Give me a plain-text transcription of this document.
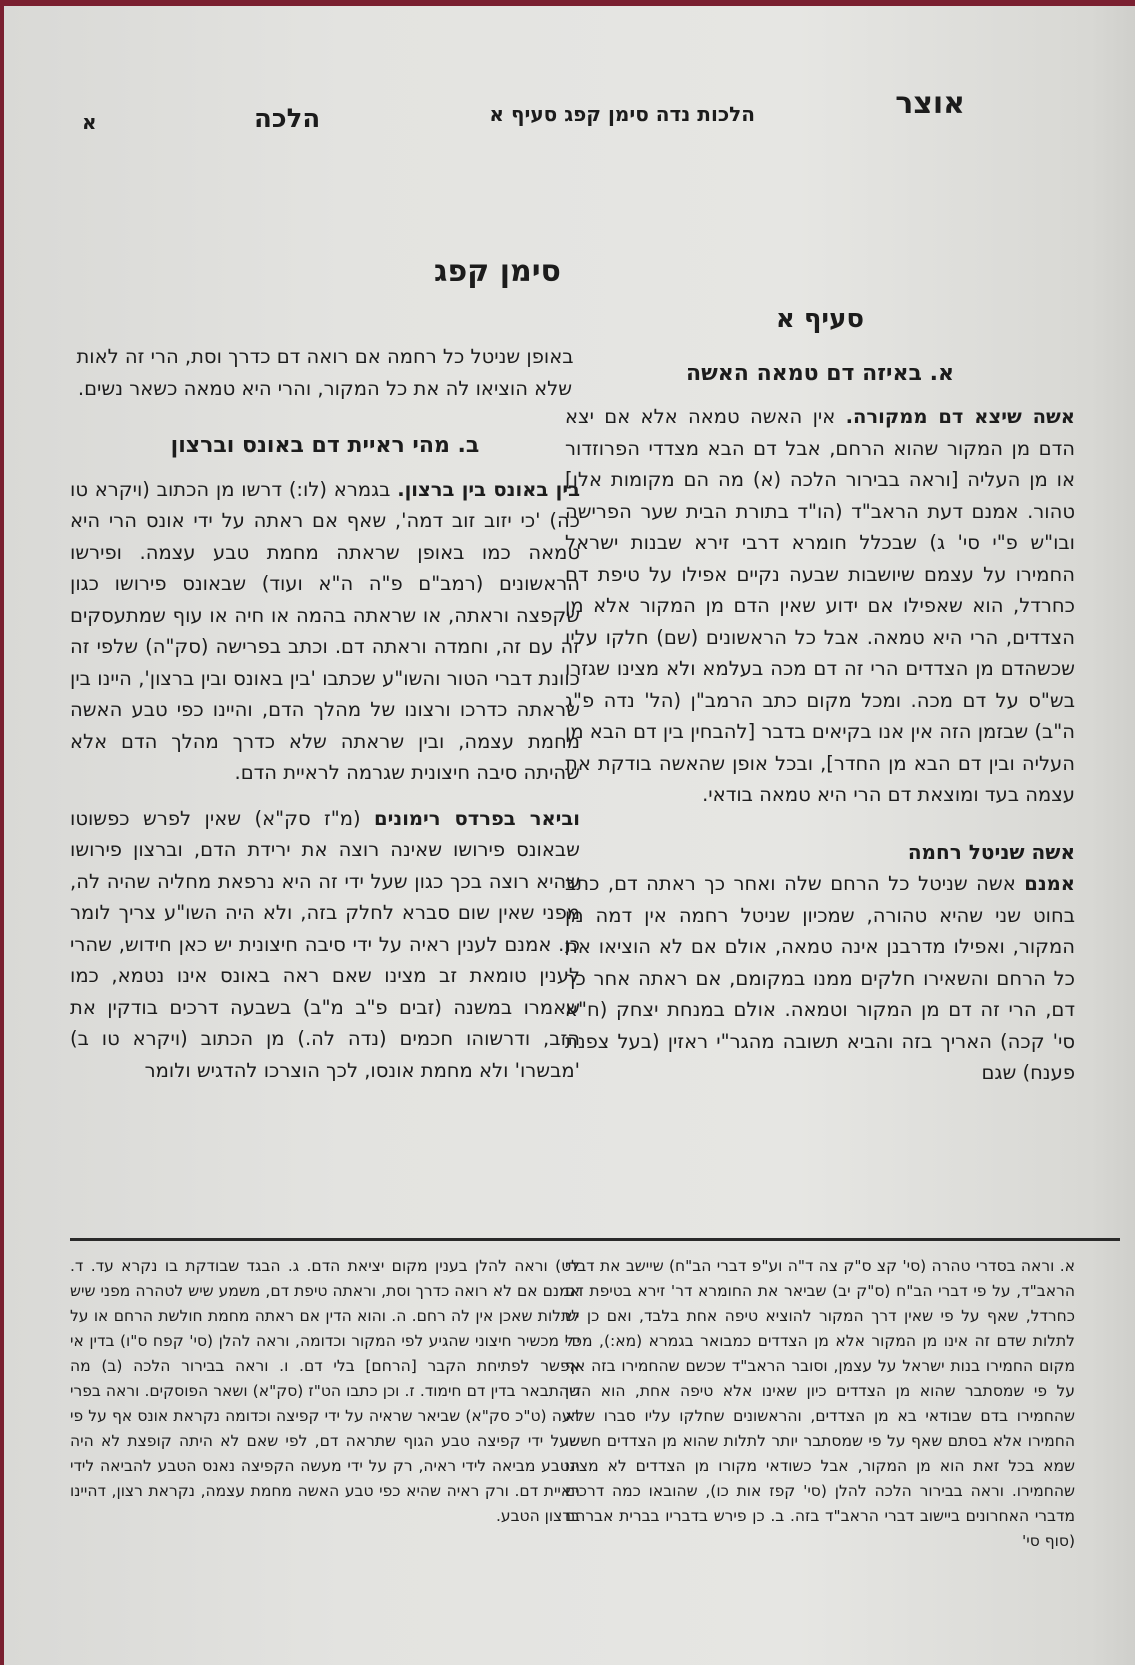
אוצר
הלכות נדה סימן קפג סעיף א
הלכה
א
סימן קפג
סעיף א
א. באיזה דם טמאה האשה

אשה שיצא דם ממקורה. אין האשה טמאה אלא אם יצא הדם מן המקור שהוא הרחם, אבל דם הבא מצדדי הפרוזדור או מן העליה [וראה בבירור הלכה (א) מה הם מקומות אלו] טהור. אמנם דעת הראב"ד (הו"ד בתורת הבית שער הפרישה ובו"ש פ"י סי' ג) שבכלל חומרא דרבי זירא שבנות ישראל החמירו על עצמם שיושבות שבעה נקיים אפילו על טיפת דם כחרדל, הוא שאפילו אם ידוע שאין הדם מן המקור אלא מן הצדדים, הרי היא טמאה. אבל כל הראשונים (שם) חלקו עליו שכשהדם מן הצדדים הרי זה דם מכה בעלמא ולא מצינו שגזרו בש"ס על דם מכה. ומכל מקום כתב הרמב"ן (הל' נדה פ"ג ה"ב) שבזמן הזה אין אנו בקיאים בדבר [להבחין בין דם הבא מן העליה ובין דם הבא מן החדר], ובכל אופן שהאשה בודקת את עצמה בעד ומוצאת דם הרי היא טמאה בודאי.

אשה שניטל רחמה

אמנם אשה שניטל כל הרחם שלה ואחר כך ראתה דם, כתב בחוט שני שהיא טהורה, שמכיון שניטל רחמה אין דמה מן המקור, ואפילו מדרבנן אינה טמאה, אולם אם לא הוציאו את כל הרחם והשאירו חלקים ממנו במקומם, אם ראתה אחר כך דם, הרי זה דם מן המקור וטמאה. אולם במנחת יצחק (ח"א סי' קכה) האריך בזה והביא תשובה מהגר"י ראזין (בעל צפנת פענח) שגם

באופן שניטל כל רחמה אם רואה דם כדרך וסת, הרי זה לאות שלא הוציאו לה את כל המקור, והרי היא טמאה כשאר נשים.

ב. מהי ראיית דם באונס וברצון

בין באונס בין ברצון. בגמרא (לו:) דרשו מן הכתוב (ויקרא טו כה) 'כי יזוב זוב דמה', שאף אם ראתה על ידי אונס הרי היא טמאה כמו באופן שראתה מחמת טבע עצמה. ופירשו הראשונים (רמב"ם פ"ה ה"א ועוד) שבאונס פירושו כגון שקפצה וראתה, או שראתה בהמה או חיה או עוף שמתעסקים זה עם זה, וחמדה וראתה דם. וכתב בפרישה (סק"ה) שלפי זה כוונת דברי הטור והשו"ע שכתבו 'בין באונס ובין ברצון', היינו בין שראתה כדרכו ורצונו של מהלך הדם, והיינו כפי טבע האשה מחמת עצמה, ובין שראתה שלא כדרך מהלך הדם אלא שהיתה סיבה חיצונית שגרמה לראיית הדם.

וביאר בפרדס רימונים (מ"ז סק"א) שאין לפרש כפשוטו שבאונס פירושו שאינה רוצה את ירידת הדם, וברצון פירושו שהיא רוצה בכך כגון שעל ידי זה היא נרפאת מחליה שהיה לה, מפני שאין שום סברא לחלק בזה, ולא היה השו"ע צריך לומר כן. אמנם לענין ראיה על ידי סיבה חיצונית יש כאן חידוש, שהרי לענין טומאת זב מצינו שאם ראה באונס אינו נטמא, כמו שאמרו במשנה (זבים פ"ב מ"ב) בשבעה דרכים בודקין את הזב, ודרשוהו חכמים (נדה לה.) מן הכתוב (ויקרא טו ב) 'מבשרו' ולא מחמת אונסו, לכך הוצרכו להדגיש ולומר

א. וראה בסדרי טהרה (סי' קצ ס"ק צה ד"ה וע"פ דברי הב"ח) שיישב את דברי הראב"ד, על פי דברי הב"ח (ס"ק יב) שביאר את החומרא דר' זירא בטיפת דם כחרדל, שאף על פי שאין דרך המקור להוציא טיפה אחת בלבד, ואם כן יש לתלות שדם זה אינו מן המקור אלא מן הצדדים כמבואר בגמרא (מא:), מכל מקום החמירו בנות ישראל על עצמן, וסובר הראב"ד שכשם שהחמירו בזה אף על פי שמסתבר שהוא מן הצדדים כיון שאינו אלא טיפה אחת, הוא הדין שהחמירו בדם שבודאי בא מן הצדדים, והראשונים שחלקו עליו סברו שלא החמירו אלא בסתם שאף על פי שמסתבר יותר לתלות שהוא מן הצדדים חששו שמא בכל זאת הוא מן המקור, אבל כשודאי מקורו מן הצדדים לא מצינו שהחמירו. וראה בבירור הלכה להלן (סי' קפז אות כו), שהובאו כמה דרכים מדברי האחרונים ביישוב דברי הראב"ד בזה. ב. כן פירש בדבריו בברית אברהם (סוף סי'
לט) וראה להלן בענין מקום יציאת הדם. ג. הבגד שבודקת בו נקרא עד. ד. אמנם אם לא רואה כדרך וסת, וראתה טיפת דם, משמע שיש לטהרה מפני שיש לתלות שאכן אין לה רחם. ה. והוא הדין אם ראתה מחמת חולשת הרחם או על ידי מכשיר חיצוני שהגיע לפי המקור וכדומה, וראה להלן (סי' קפח ס"ו) בדין אי אפשר לפתיחת הקבר [הרחם] בלי דם. ו. וראה בבירור הלכה (ב) מה שהתבאר בדין דם חימוד. ז. וכן כתבו הט"ז (סק"א) ושאר הפוסקים. וראה בפרי דעה (ט"כ סק"א) שביאר שראיה על ידי קפיצה וכדומה נקראת אונס אף על פי שעל ידי קפיצה טבע הגוף שתראה דם, לפי שאם לא היתה קופצת לא היה הטבע מביאה לידי ראיה, רק על ידי מעשה הקפיצה נאנס הטבע להביאה לידי ראיית דם. ורק ראיה שהיא כפי טבע האשה מחמת עצמה, נקראת רצון, דהיינו ברצון הטבע.
